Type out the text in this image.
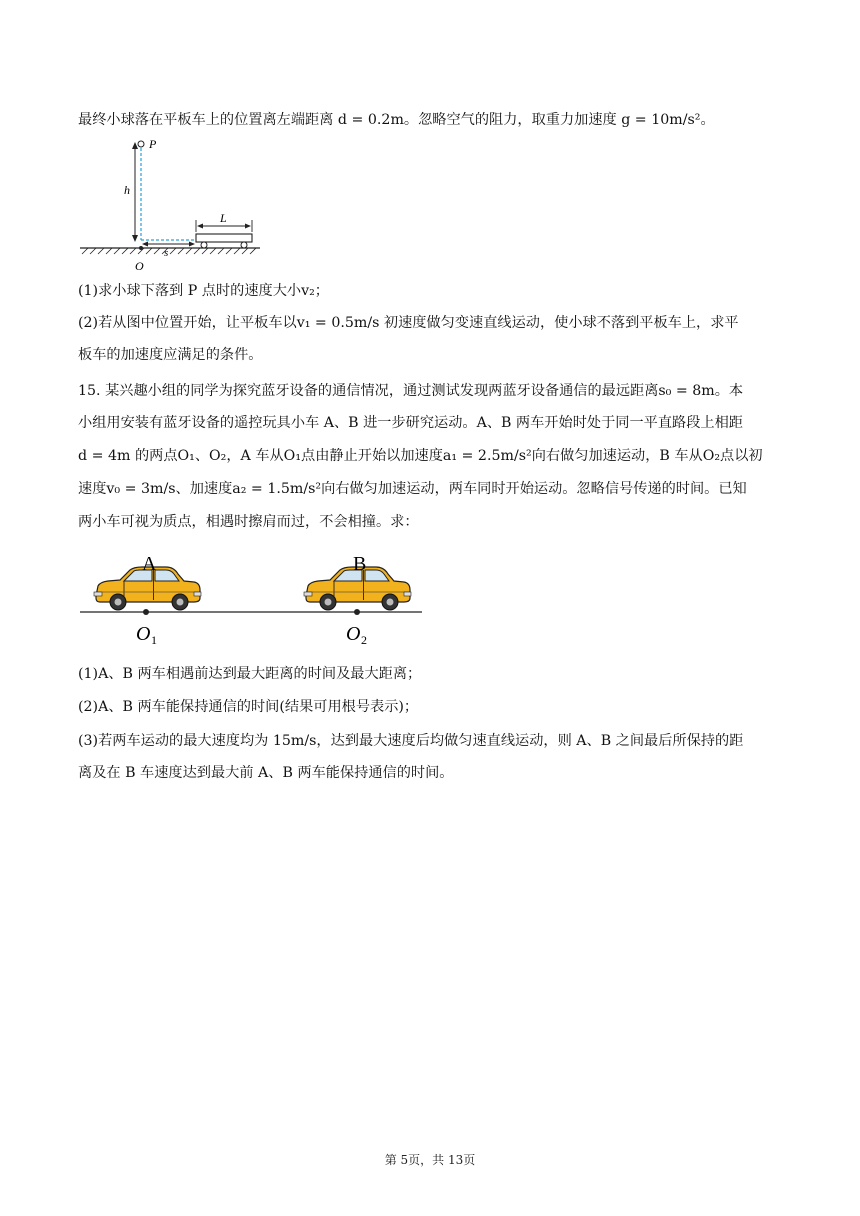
最终小球落在平板车上的位置离左端距离 d = 0.2m。忽略空气的阻力，取重力加速度 g = 10m/s²。
h
P
s
L
O
(1)求小球下落到 P 点时的速度大小v₂；
(2)若从图中位置开始，让平板车以v₁ = 0.5m/s 初速度做匀变速直线运动，使小球不落到平板车上，求平
板车的加速度应满足的条件。
15. 某兴趣小组的同学为探究蓝牙设备的通信情况，通过测试发现两蓝牙设备通信的最远距离s₀ = 8m。本
小组用安装有蓝牙设备的遥控玩具小车 A、B 进一步研究运动。A、B 两车开始时处于同一平直路段上相距
d = 4m 的两点O₁、O₂，A 车从O₁点由静止开始以加速度a₁ = 2.5m/s²向右做匀加速运动，B 车从O₂点以初
速度v₀ = 3m/s、加速度a₂ = 1.5m/s²向右做匀加速运动，两车同时开始运动。忽略信号传递的时间。已知
两小车可视为质点，相遇时擦肩而过，不会相撞。求：
A	B
O 1	O 2
(1)A、B 两车相遇前达到最大距离的时间及最大距离；
(2)A、B 两车能保持通信的时间(结果可用根号表示)；
(3)若两车运动的最大速度均为 15m/s，达到最大速度后均做匀速直线运动，则 A、B 之间最后所保持的距
离及在 B 车速度达到最大前 A、B 两车能保持通信的时间。
第 5页，共 13页
